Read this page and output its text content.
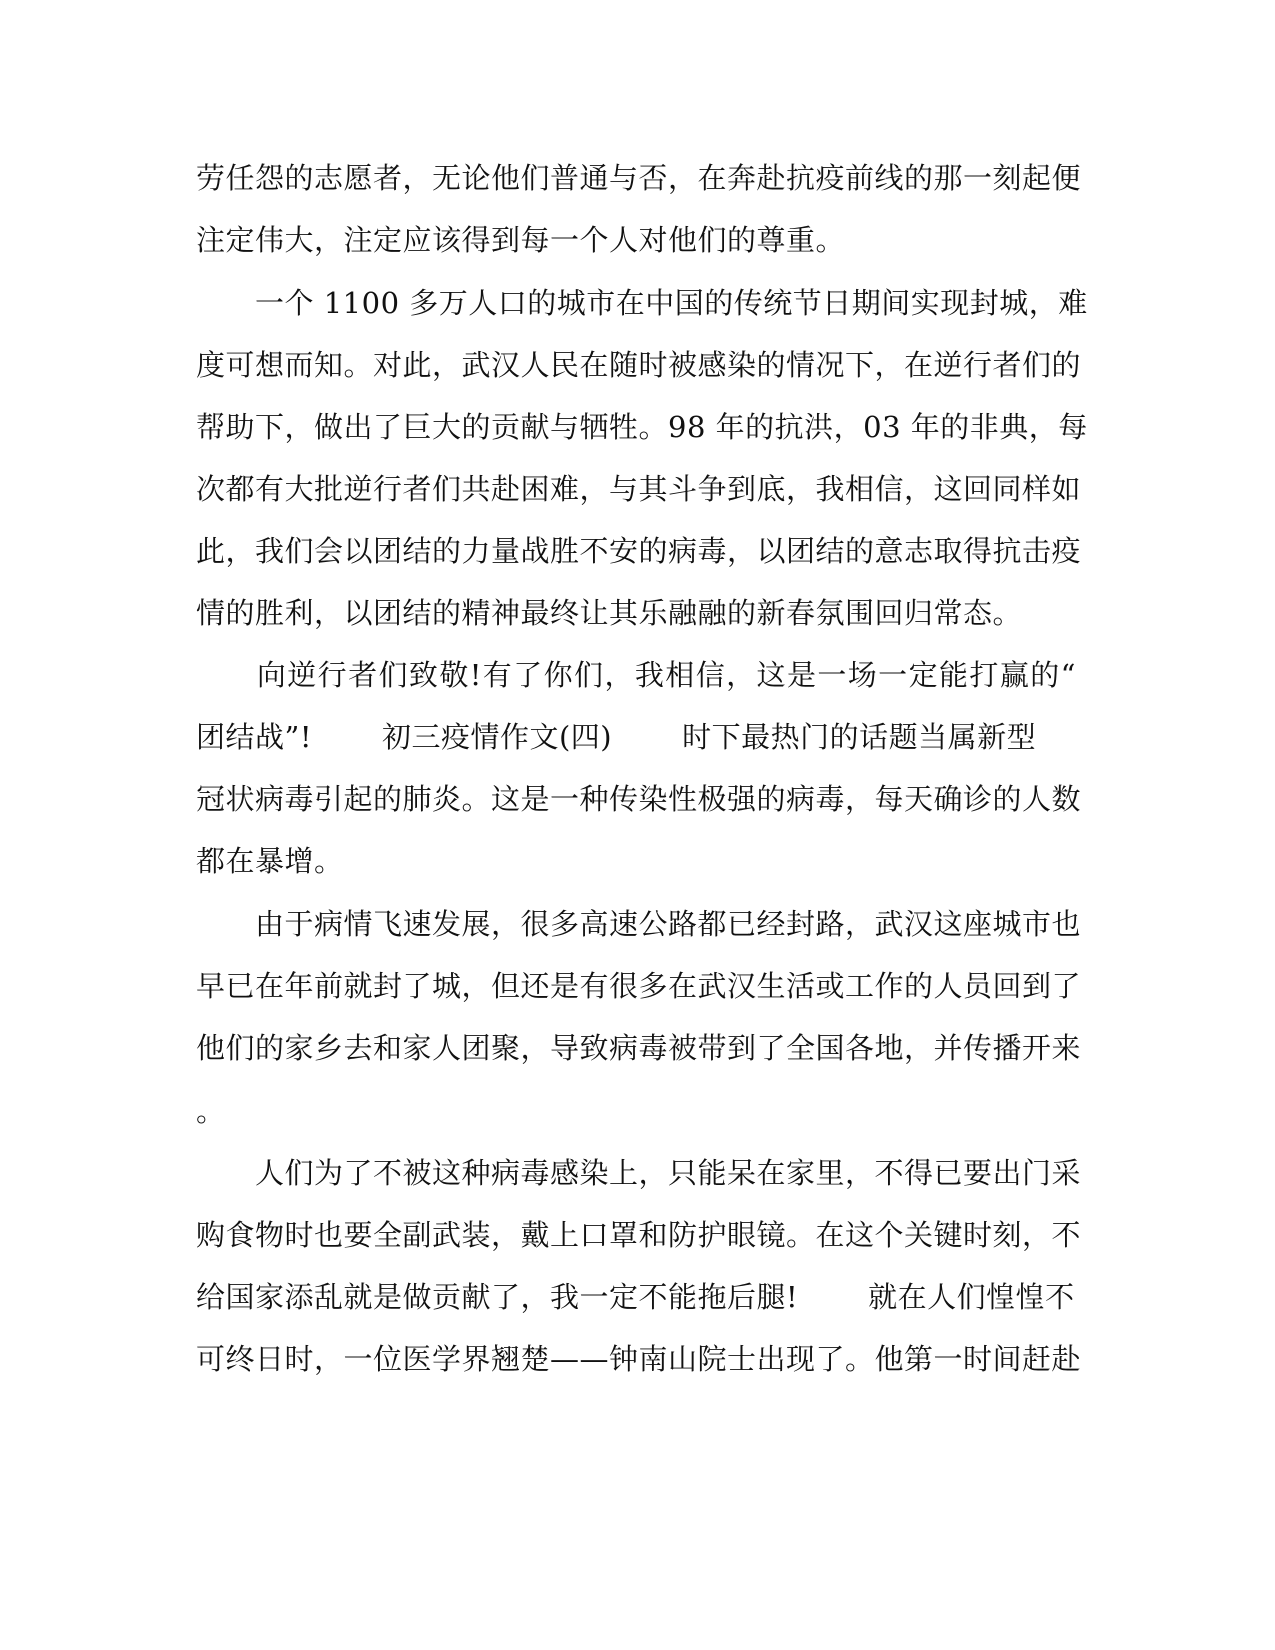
劳任怨的志愿者，无论他们普通与否，在奔赴抗疫前线的那一刻起便
注定伟大，注定应该得到每一个人对他们的尊重。
　　一个 1100 多万人口的城市在中国的传统节日期间实现封城，难
度可想而知。对此，武汉人民在随时被感染的情况下，在逆行者们的
帮助下，做出了巨大的贡献与牺牲。98 年的抗洪，03 年的非典，每
次都有大批逆行者们共赴困难，与其斗争到底，我相信，这回同样如
此，我们会以团结的力量战胜不安的病毒，以团结的意志取得抗击疫
情的胜利，以团结的精神最终让其乐融融的新春氛围回归常态。
　　向逆行者们致敬!有了你们，我相信，这是一场一定能打赢的“
团结战”! 初三疫情作文(四) 时下最热门的话题当属新型
冠状病毒引起的肺炎。这是一种传染性极强的病毒，每天确诊的人数
都在暴增。
　　由于病情飞速发展，很多高速公路都已经封路，武汉这座城市也
早已在年前就封了城，但还是有很多在武汉生活或工作的人员回到了
他们的家乡去和家人团聚，导致病毒被带到了全国各地，并传播开来
。
　　人们为了不被这种病毒感染上，只能呆在家里，不得已要出门采
购食物时也要全副武装，戴上口罩和防护眼镜。在这个关键时刻，不
给国家添乱就是做贡献了，我一定不能拖后腿! 就在人们惶惶不
可终日时，一位医学界翘楚——钟南山院士出现了。他第一时间赶赴
